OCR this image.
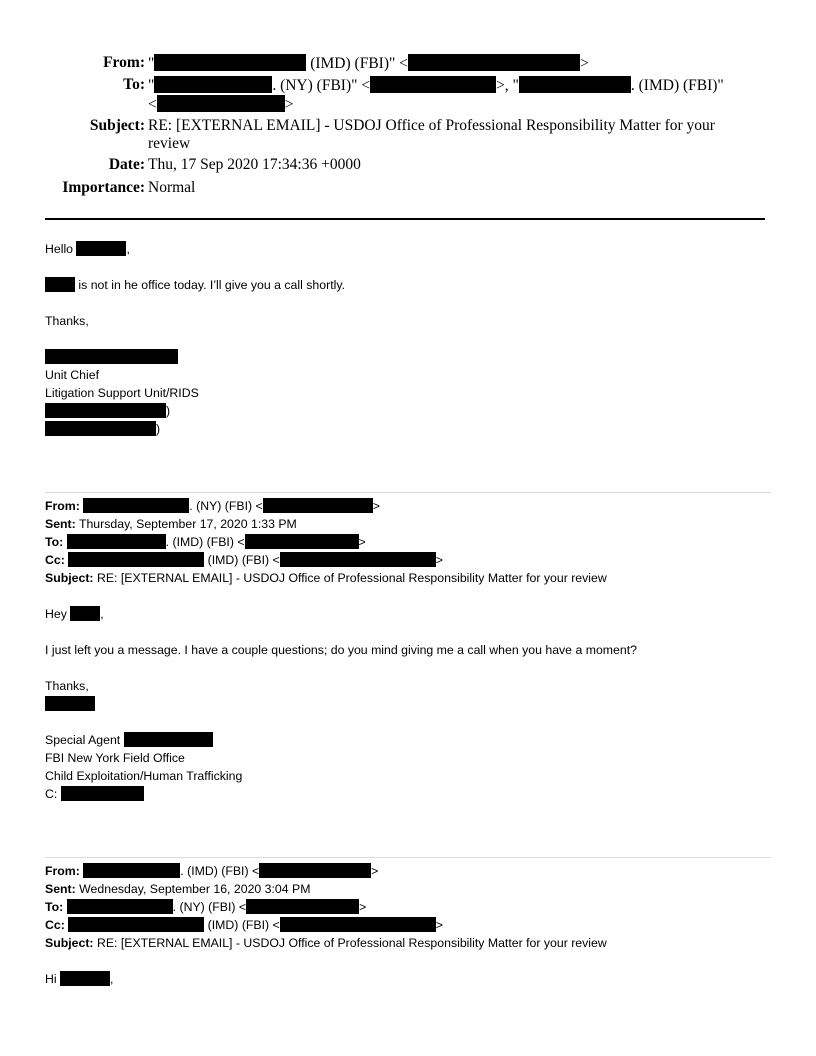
From: "	(IMD) (FBI)" <	>
To: "	. (NY) (FBI)" <	>, "	. (IMD) (FBI)"
<	>
Subject: RE: [EXTERNAL EMAIL] - USDOJ Office of Professional Responsibility Matter for your
review
Date: Thu, 17 Sep 2020 17:34:36 +0000
Importance: Normal
Hello	,
is not in he office today. I’ll give you a call shortly.
Thanks,
Unit Chief
Litigation Support Unit/RIDS
)
)
From:	. (NY) (FBI) <	>
Sent: Thursday, September 17, 2020 1:33 PM
To:	. (IMD) (FBI) <	>
Cc:	(IMD) (FBI) <	>
Subject: RE: [EXTERNAL EMAIL] - USDOJ Office of Professional Responsibility Matter for your review
Hey	,
I just left you a message. I have a couple questions; do you mind giving me a call when you have a moment?
Thanks,
Special Agent
FBI New York Field Office
Child Exploitation/Human Trafficking
C:
From:	. (IMD) (FBI) <	>
Sent: Wednesday, September 16, 2020 3:04 PM
To:	. (NY) (FBI) <	>
Cc:	(IMD) (FBI) <	>
Subject: RE: [EXTERNAL EMAIL] - USDOJ Office of Professional Responsibility Matter for your review
Hi	,
